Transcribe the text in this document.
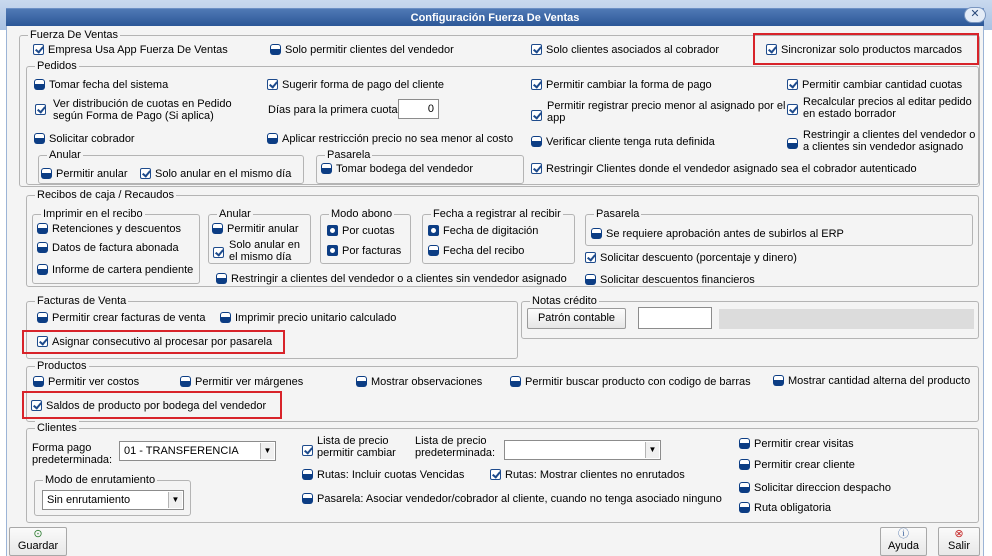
Configuración Fuerza De Ventas	✕
Fuerza De Ventas
Empresa Usa App Fuerza De Ventas	Solo permitir clientes del vendedor	Solo clientes asociados al cobrador	Sincronizar solo productos marcados
Pedidos
Tomar fecha del sistema	Sugerir forma de pago del cliente	Permitir cambiar la forma de pago	Permitir cambiar cantidad cuotas
Ver distribución de cuotas en Pedido según Forma de Pago (Si aplica)	Días para la primera cuota	0	Permitir registrar precio menor al asignado por el app
Recalcular precios al editar pedido en estado borrador
Solicitar cobrador	Aplicar restricción precio no sea menor al costo	Verificar cliente tenga ruta definida
Restringir a clientes del vendedor o a clientes sin vendedor asignado
Anular
Permitir anular	Solo anular en el mismo día
Pasarela
Tomar bodega del vendedor	Restringir Clientes donde el vendedor asignado sea el cobrador autenticado
Recibos de caja / Recaudos
Imprimir en el recibo
Retenciones y descuentos
Datos de factura abonada
Informe de cartera pendiente
Anular
Permitir anular
Solo anular en el mismo día
Modo abono
Por cuotas
Por facturas
Fecha a registrar al recibir
Fecha de digitación
Fecha del recibo
Pasarela
Se requiere aprobación antes de subirlos al ERP
Solicitar descuento (porcentaje y dinero)
Solicitar descuentos financieros
Restringir a clientes del vendedor o a clientes sin vendedor asignado
Facturas de Venta
Permitir crear facturas de venta	Imprimir precio unitario calculado
Asignar consecutivo al procesar por pasarela
Notas crédito
Patrón contable
Productos
Permitir ver costos	Permitir ver márgenes	Mostrar observaciones	Permitir buscar producto con codigo de barras	Mostrar cantidad alterna del producto
Saldos de producto por bodega del vendedor
Clientes
Forma pago predeterminada:
01 - TRANSFERENCIA	▼
Lista de precio permitir cambiar
Lista de precio predeterminada:	▼
Modo de enrutamiento
Sin enrutamiento	▼
Rutas: Incluir cuotas Vencidas	Rutas: Mostrar clientes no enrutados
Pasarela: Asociar vendedor/cobrador al cliente, cuando no tenga asociado ninguno
Permitir crear visitas
Permitir crear cliente
Solicitar direccion despacho
Ruta obligatoria
⊙
Guardar
ⓘ
Ayuda
⊗
Salir
